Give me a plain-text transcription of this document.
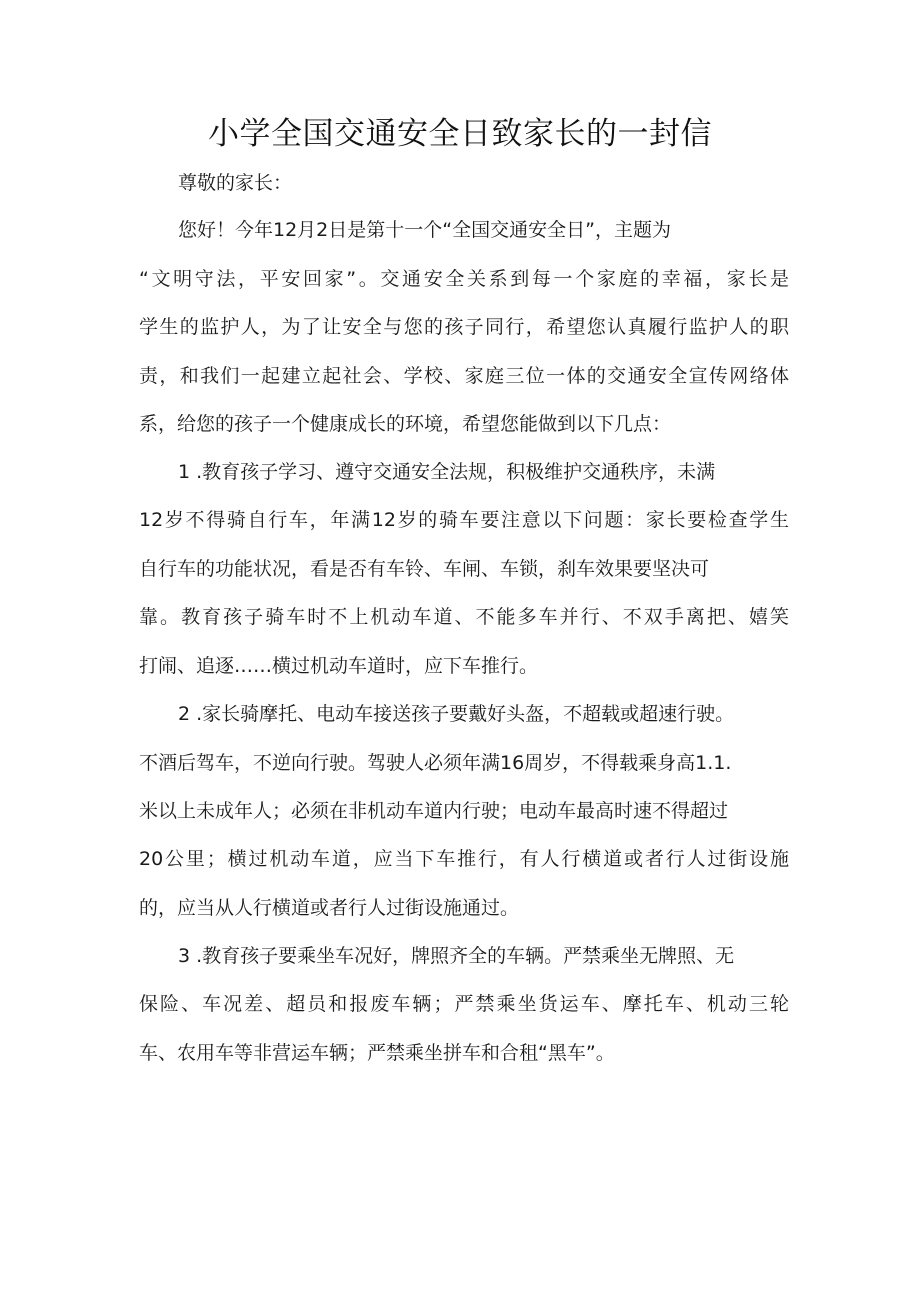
小学全国交通安全日致家长的一封信
尊敬的家长：
您好！今年12月2日是第十一个“全国交通安全日”，主题为
“文明守法，平安回家”。交通安全关系到每一个家庭的幸福，家长是
学生的监护人，为了让安全与您的孩子同行，希望您认真履行监护人的职
责，和我们一起建立起社会、学校、家庭三位一体的交通安全宣传网络体
系，给您的孩子一个健康成长的环境，希望您能做到以下几点：
1 .教育孩子学习、遵守交通安全法规，积极维护交通秩序，未满
12岁不得骑自行车，年满12岁的骑车要注意以下问题：家长要检查学生
自行车的功能状况，看是否有车铃、车闸、车锁，刹车效果要坚决可
靠。教育孩子骑车时不上机动车道、不能多车并行、不双手离把、嬉笑
打闹、追逐……横过机动车道时，应下车推行。
2 .家长骑摩托、电动车接送孩子要戴好头盔，不超载或超速行驶。
不酒后驾车，不逆向行驶。驾驶人必须年满16周岁，不得载乘身高1.1.
米以上未成年人；必须在非机动车道内行驶；电动车最高时速不得超过
20公里；横过机动车道，应当下车推行，有人行横道或者行人过街设施
的，应当从人行横道或者行人过街设施通过。
3 .教育孩子要乘坐车况好，牌照齐全的车辆。严禁乘坐无牌照、无
保险、车况差、超员和报废车辆；严禁乘坐货运车、摩托车、机动三轮
车、农用车等非营运车辆；严禁乘坐拼车和合租“黑车”。
